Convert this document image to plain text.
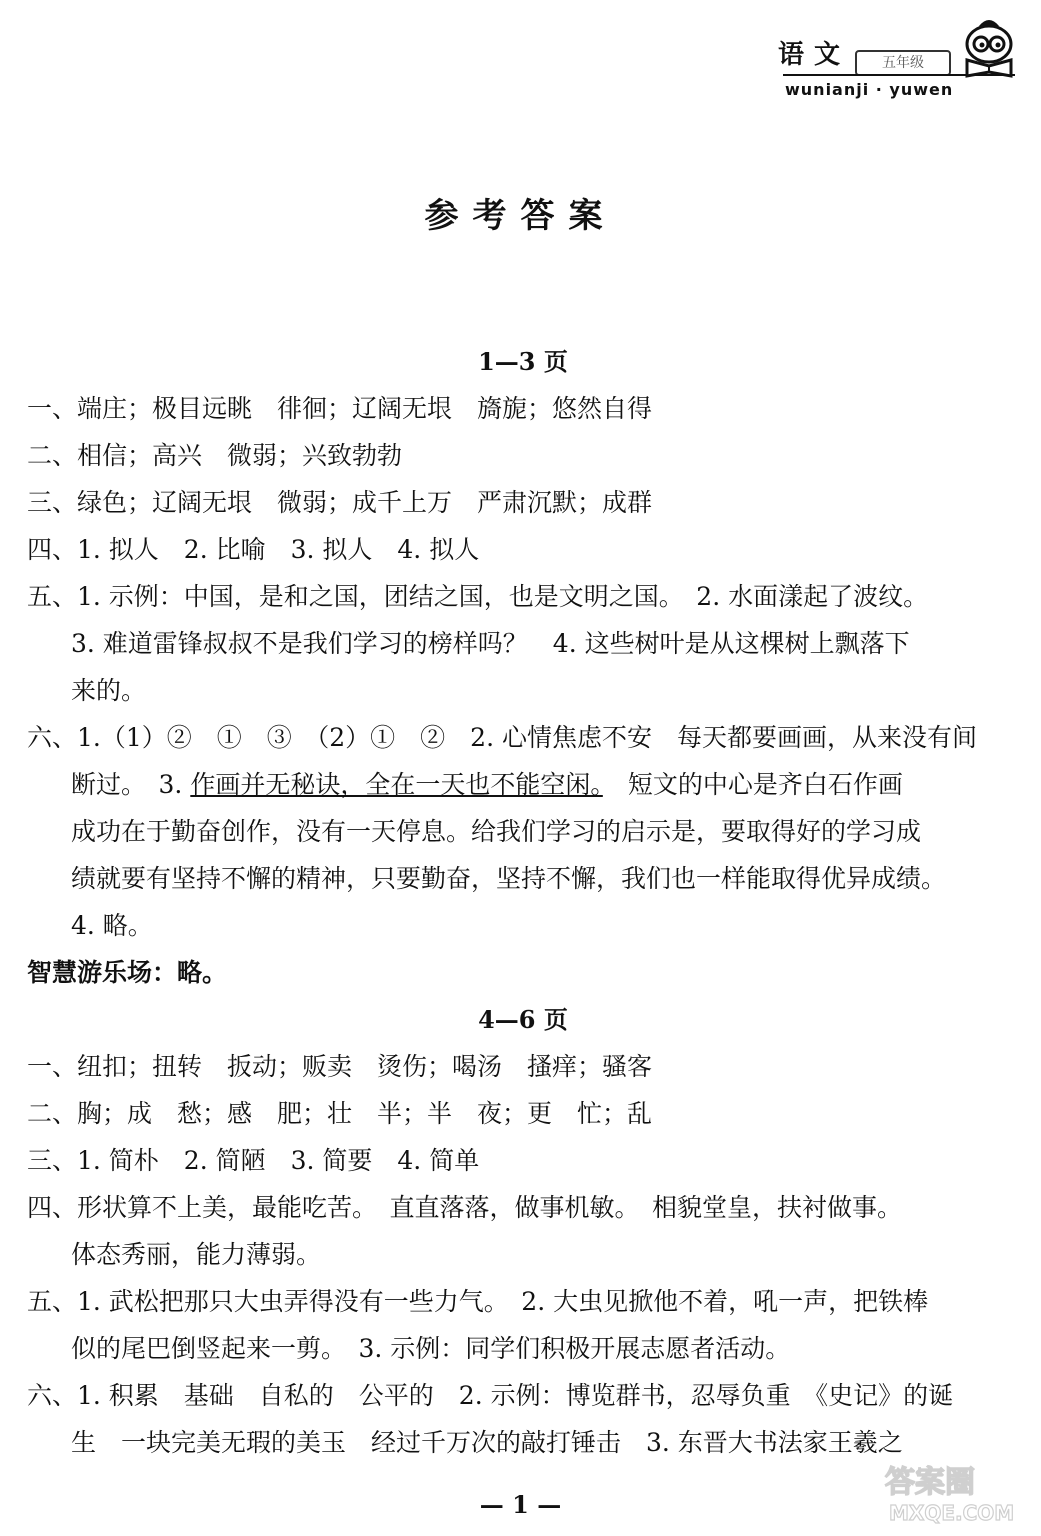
语文	五年级
wunianji · yuwen
参考答案
1—3 页
一、端庄；极目远眺　徘徊；辽阔无垠　旖旎；悠然自得
二、相信；高兴　微弱；兴致勃勃
三、绿色；辽阔无垠　微弱；成千上万　严肃沉默；成群
四、1. 拟人　2. 比喻　3. 拟人　4. 拟人
五、1. 示例：中国，是和之国，团结之国，也是文明之国。　2. 水面漾起了波纹。
3. 难道雷锋叔叔不是我们学习的榜样吗？　4. 这些树叶是从这棵树上飘落下
来的。
六、1.（1）②　①　③　（2）①　②　2. 心情焦虑不安　每天都要画画，从来没有间
断过。　3. 作画并无秘诀，全在一天也不能空闲。　短文的中心是齐白石作画
成功在于勤奋创作，没有一天停息。给我们学习的启示是，要取得好的学习成
绩就要有坚持不懈的精神，只要勤奋，坚持不懈，我们也一样能取得优异成绩。
4. 略。
智慧游乐场：略。
4—6 页
一、纽扣；扭转　扳动；贩卖　烫伤；喝汤　搔痒；骚客
二、胸；成　愁；感　肥；壮　半；半　夜；更　忙；乱
三、1. 简朴　2. 简陋　3. 简要　4. 简单
四、形状算不上美，最能吃苦。　直直落落，做事机敏。　相貌堂皇，扶衬做事。
体态秀丽，能力薄弱。
五、1. 武松把那只大虫弄得没有一些力气。　2. 大虫见掀他不着，吼一声，把铁棒
似的尾巴倒竖起来一剪。　3. 示例：同学们积极开展志愿者活动。
六、1. 积累　基础　自私的　公平的　2. 示例：博览群书，忍辱负重　《史记》的诞
生　一块完美无瑕的美玉　经过千万次的敲打锤击　3. 东晋大书法家王羲之
— 1 —
答案圈
MXQE.COM
